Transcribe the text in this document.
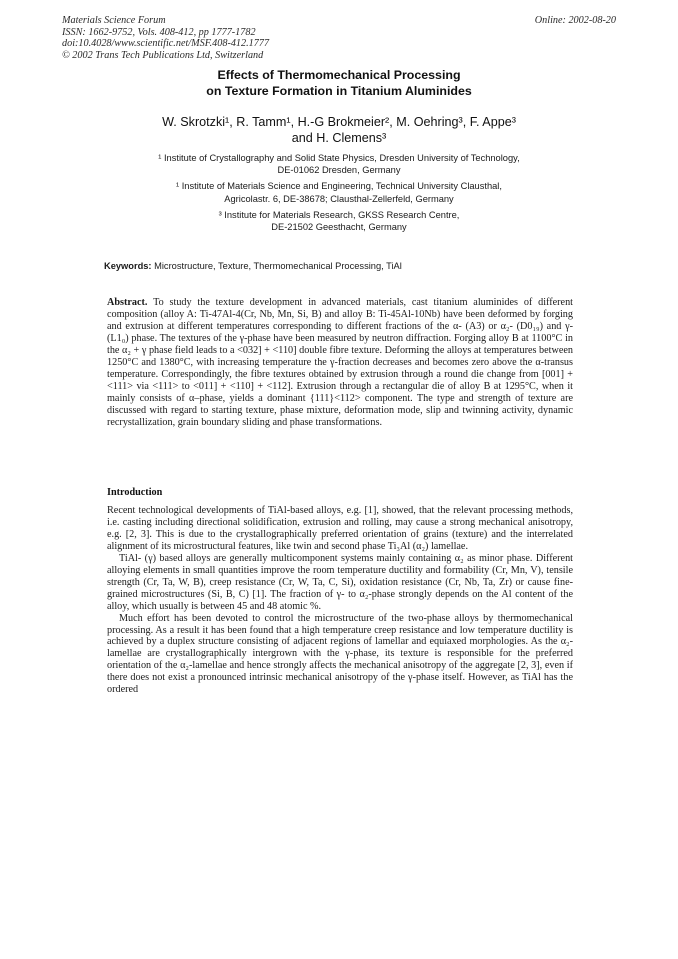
Materials Science Forum
ISSN: 1662-9752, Vols. 408-412, pp 1777-1782
doi:10.4028/www.scientific.net/MSF.408-412.1777
© 2002 Trans Tech Publications Ltd, Switzerland
Online: 2002-08-20
Effects of Thermomechanical Processing
on Texture Formation in Titanium Aluminides
W. Skrotzki¹, R. Tamm¹, H.-G Brokmeier², M. Oehring³, F. Appe³
and H. Clemens³
¹ Institute of Crystallography and Solid State Physics, Dresden University of Technology,
DE-01062 Dresden, Germany
¹ Institute of Materials Science and Engineering, Technical University Clausthal,
Agricolastr. 6, DE-38678; Clausthal-Zellerfeld, Germany
³ Institute for Materials Research, GKSS Research Centre,
DE-21502 Geesthacht, Germany
Keywords: Microstructure, Texture, Thermomechanical Processing, TiAl
Abstract. To study the texture development in advanced materials, cast titanium aluminides of different composition (alloy A: Ti-47Al-4(Cr, Nb, Mn, Si, B) and alloy B: Ti-45Al-10Nb) have been deformed by forging and extrusion at different temperatures corresponding to different fractions of the α- (A3) or α₂- (D0₁₉) and γ- (L1₀) phase. The textures of the γ-phase have been measured by neutron diffraction. Forging alloy B at 1100°C in the α₂ + γ phase field leads to a <032] + <110] double fibre texture. Deforming the alloys at temperatures between 1250°C and 1380°C, with increasing temperature the γ-fraction decreases and becomes zero above the α-transus temperature. Correspondingly, the fibre textures obtained by extrusion through a round die change from [001] + <111> via <111> to <011] + <110] + <112]. Extrusion through a rectangular die of alloy B at 1295°C, when it mainly consists of α–phase, yields a dominant {111}<112> component. The type and strength of texture are discussed with regard to starting texture, phase mixture, deformation mode, slip and twinning activity, dynamic recrystallization, grain boundary sliding and phase transformations.
Introduction

Recent technological developments of TiAl-based alloys, e.g. [1], showed, that the relevant processing methods, i.e. casting including directional solidification, extrusion and rolling, may cause a strong mechanical anisotropy, e.g. [2, 3]. This is due to the crystallographically preferred orientation of grains (texture) and the interrelated alignment of its microstructural features, like twin and second phase Ti₃Al (α₂) lamellae.

TiAl- (γ) based alloys are generally multicomponent systems mainly containing α₂ as minor phase. Different alloying elements in small quantities improve the room temperature ductility and formability (Cr, Mn, V), tensile strength (Cr, Ta, W, B), creep resistance (Cr, W, Ta, C, Si), oxidation resistance (Cr, Nb, Ta, Zr) or cause fine-grained microstructures (Si, B, C) [1]. The fraction of γ- to α₂-phase strongly depends on the Al content of the alloy, which usually is between 45 and 48 atomic %.

Much effort has been devoted to control the microstructure of the two-phase alloys by thermomechanical processing. As a result it has been found that a high temperature creep resistance and low temperature ductility is achieved by a duplex structure consisting of adjacent regions of lamellar and equiaxed morphologies. As the α₂-lamellae are crystallographically intergrown with the γ-phase, its texture is responsible for the preferred orientation of the α₂-lamellae and hence strongly affects the mechanical anisotropy of the aggregate [2, 3], even if there does not exist a pronounced intrinsic mechanical anisotropy of the γ-phase itself. However, as TiAl has the ordered
